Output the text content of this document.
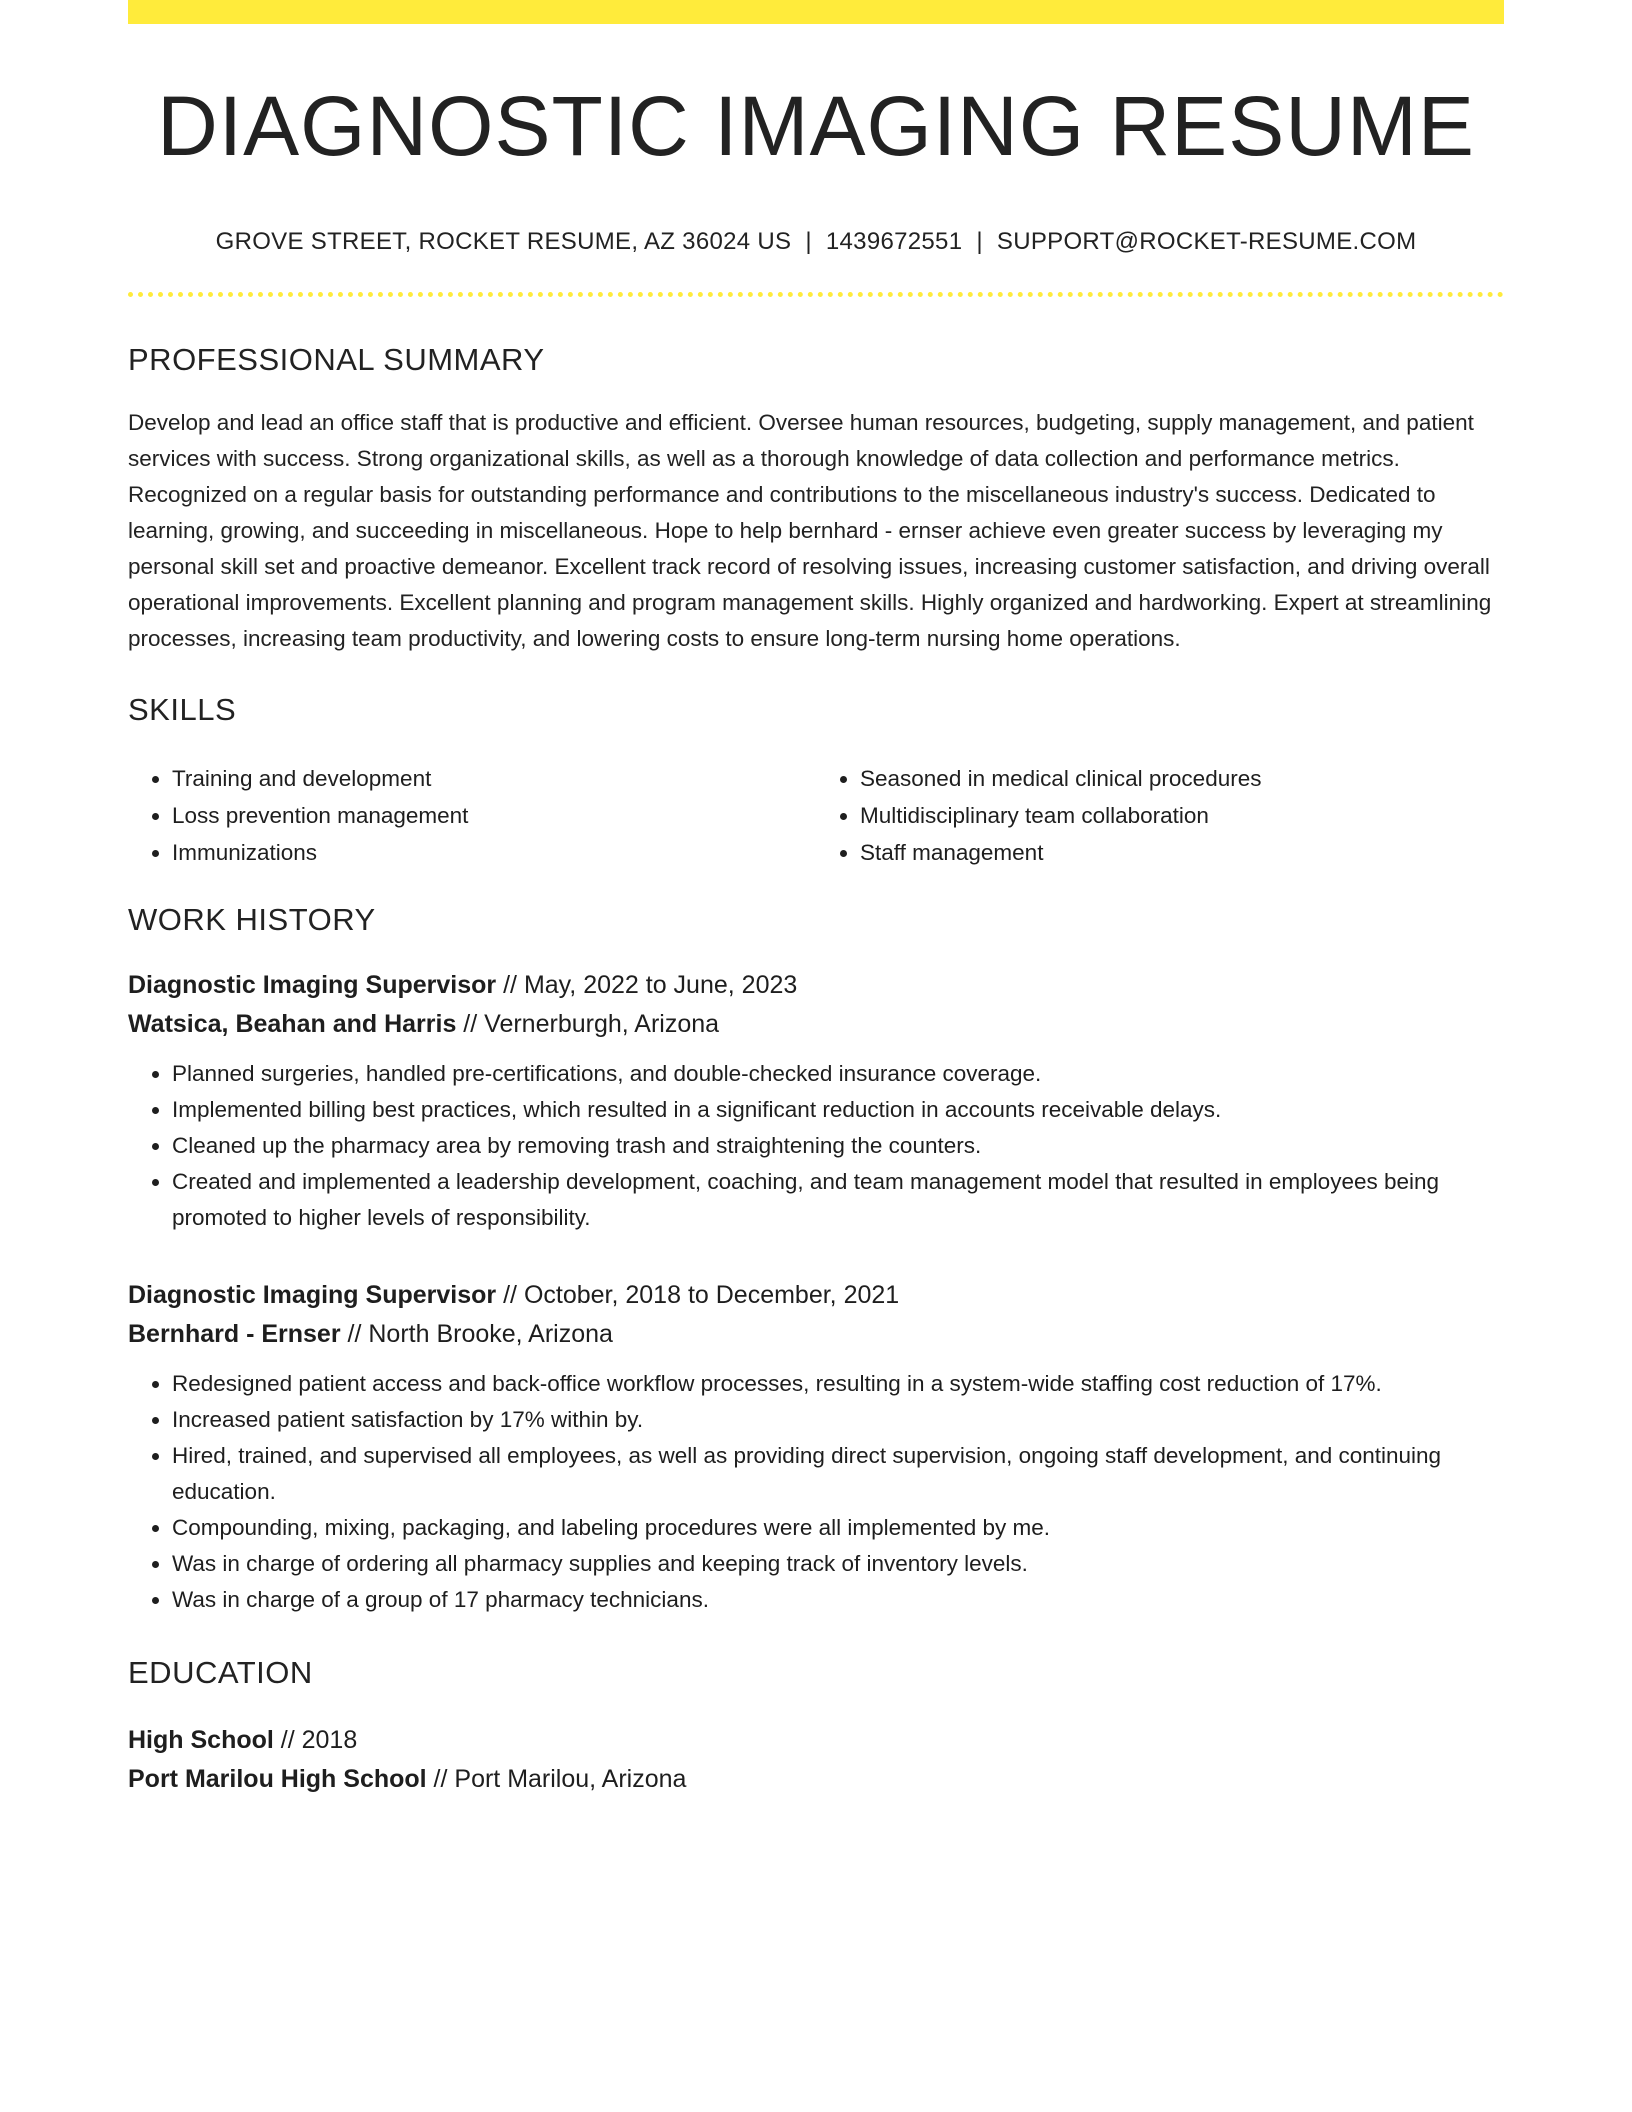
DIAGNOSTIC IMAGING RESUME
GROVE STREET, ROCKET RESUME, AZ 36024 US | 1439672551 | SUPPORT@ROCKET-RESUME.COM
PROFESSIONAL SUMMARY

Develop and lead an office staff that is productive and efficient. Oversee human resources, budgeting, supply management, and patient services with success. Strong organizational skills, as well as a thorough knowledge of data collection and performance metrics. Recognized on a regular basis for outstanding performance and contributions to the miscellaneous industry's success. Dedicated to learning, growing, and succeeding in miscellaneous. Hope to help bernhard - ernser achieve even greater success by leveraging my personal skill set and proactive demeanor. Excellent track record of resolving issues, increasing customer satisfaction, and driving overall operational improvements. Excellent planning and program management skills. Highly organized and hardworking. Expert at streamlining processes, increasing team productivity, and lowering costs to ensure long-term nursing home operations.

SKILLS
• Training and development
• Loss prevention management
• Immunizations
• Seasoned in medical clinical procedures
• Multidisciplinary team collaboration
• Staff management
WORK HISTORY
Diagnostic Imaging Supervisor // May, 2022 to June, 2023
Watsica, Beahan and Harris // Vernerburgh, Arizona
• Planned surgeries, handled pre-certifications, and double-checked insurance coverage.
• Implemented billing best practices, which resulted in a significant reduction in accounts receivable delays.
• Cleaned up the pharmacy area by removing trash and straightening the counters.
• Created and implemented a leadership development, coaching, and team management model that resulted in employees being promoted to higher levels of responsibility.
Diagnostic Imaging Supervisor // October, 2018 to December, 2021
Bernhard - Ernser // North Brooke, Arizona
• Redesigned patient access and back-office workflow processes, resulting in a system-wide staffing cost reduction of 17%.
• Increased patient satisfaction by 17% within by.
• Hired, trained, and supervised all employees, as well as providing direct supervision, ongoing staff development, and continuing education.
• Compounding, mixing, packaging, and labeling procedures were all implemented by me.
• Was in charge of ordering all pharmacy supplies and keeping track of inventory levels.
• Was in charge of a group of 17 pharmacy technicians.
EDUCATION
High School // 2018
Port Marilou High School // Port Marilou, Arizona
